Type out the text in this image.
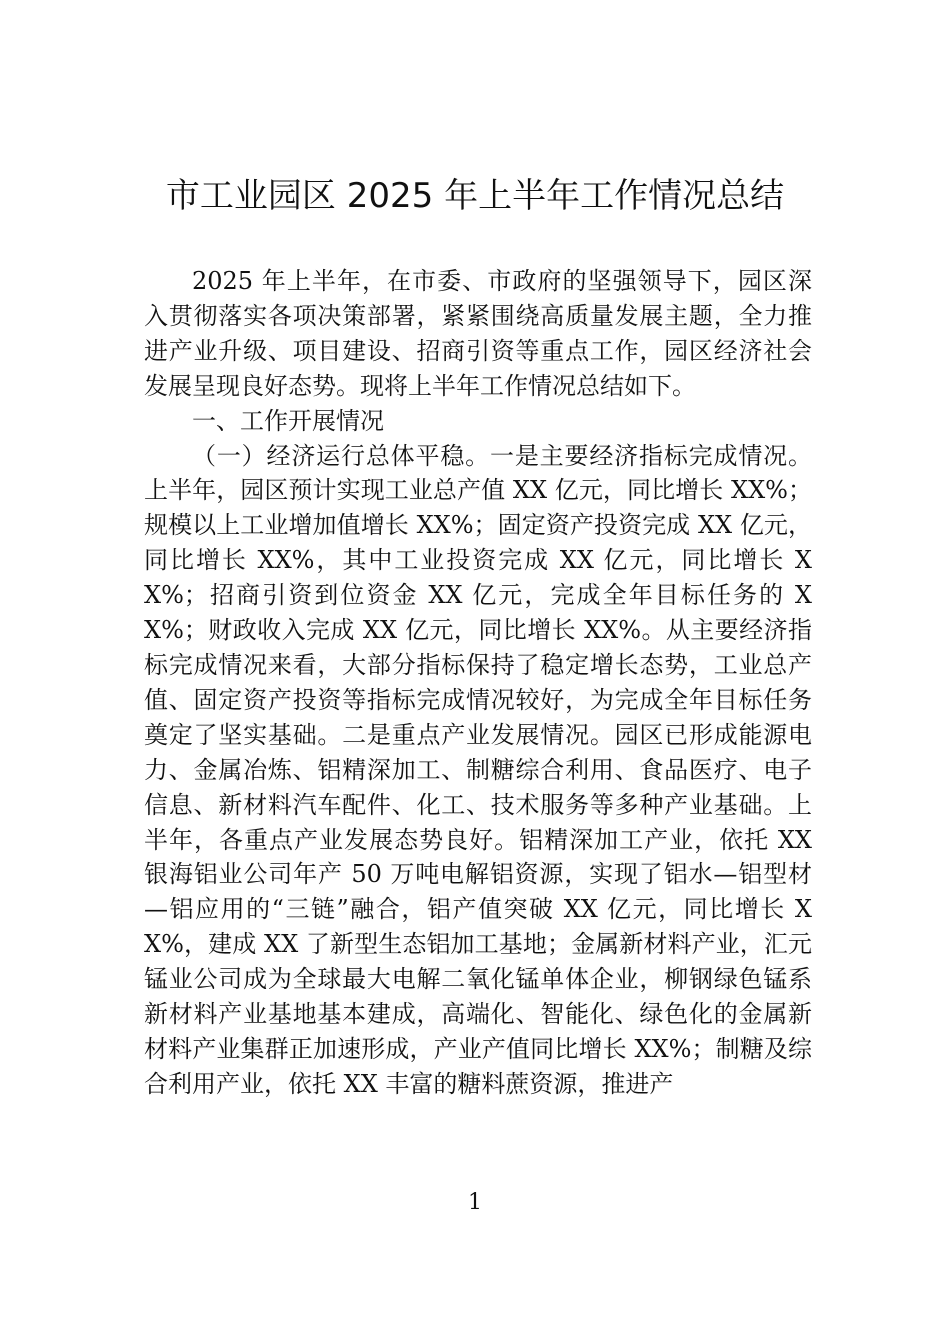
市工业园区 2025 年上半年工作情况总结

2025 年上半年，在市委、市政府的坚强领导下，园区深入贯彻落实各项决策部署，紧紧围绕高质量发展主题，全力推进产业升级、项目建设、招商引资等重点工作，园区经济社会发展呈现良好态势。现将上半年工作情况总结如下。

一、工作开展情况

（一）经济运行总体平稳。一是主要经济指标完成情况。上半年，园区预计实现工业总产值 XX 亿元，同比增长 XX%；规模以上工业增加值增长 XX%；固定资产投资完成 XX 亿元，同比增长 XX%，其中工业投资完成 XX 亿元，同比增长 XX%；招商引资到位资金 XX 亿元，完成全年目标任务的 XX%；财政收入完成 XX 亿元，同比增长 XX%。从主要经济指标完成情况来看，大部分指标保持了稳定增长态势，工业总产值、固定资产投资等指标完成情况较好，为完成全年目标任务奠定了坚实基础。二是重点产业发展情况。园区已形成能源电力、金属冶炼、铝精深加工、制糖综合利用、食品医疗、电子信息、新材料汽车配件、化工、技术服务等多种产业基础。上半年，各重点产业发展态势良好。铝精深加工产业，依托 XX 银海铝业公司年产 50 万吨电解铝资源，实现了铝水—铝型材—铝应用的“三链”融合，铝产值突破 XX 亿元，同比增长 XX%，建成 XX 了新型生态铝加工基地；金属新材料产业，汇元锰业公司成为全球最大电解二氧化锰单体企业，柳钢绿色锰系新材料产业基地基本建成，高端化、智能化、绿色化的金属新材料产业集群正加速形成，产业产值同比增长 XX%；制糖及综合利用产业，依托 XX 丰富的糖料蔗资源，推进产

1
